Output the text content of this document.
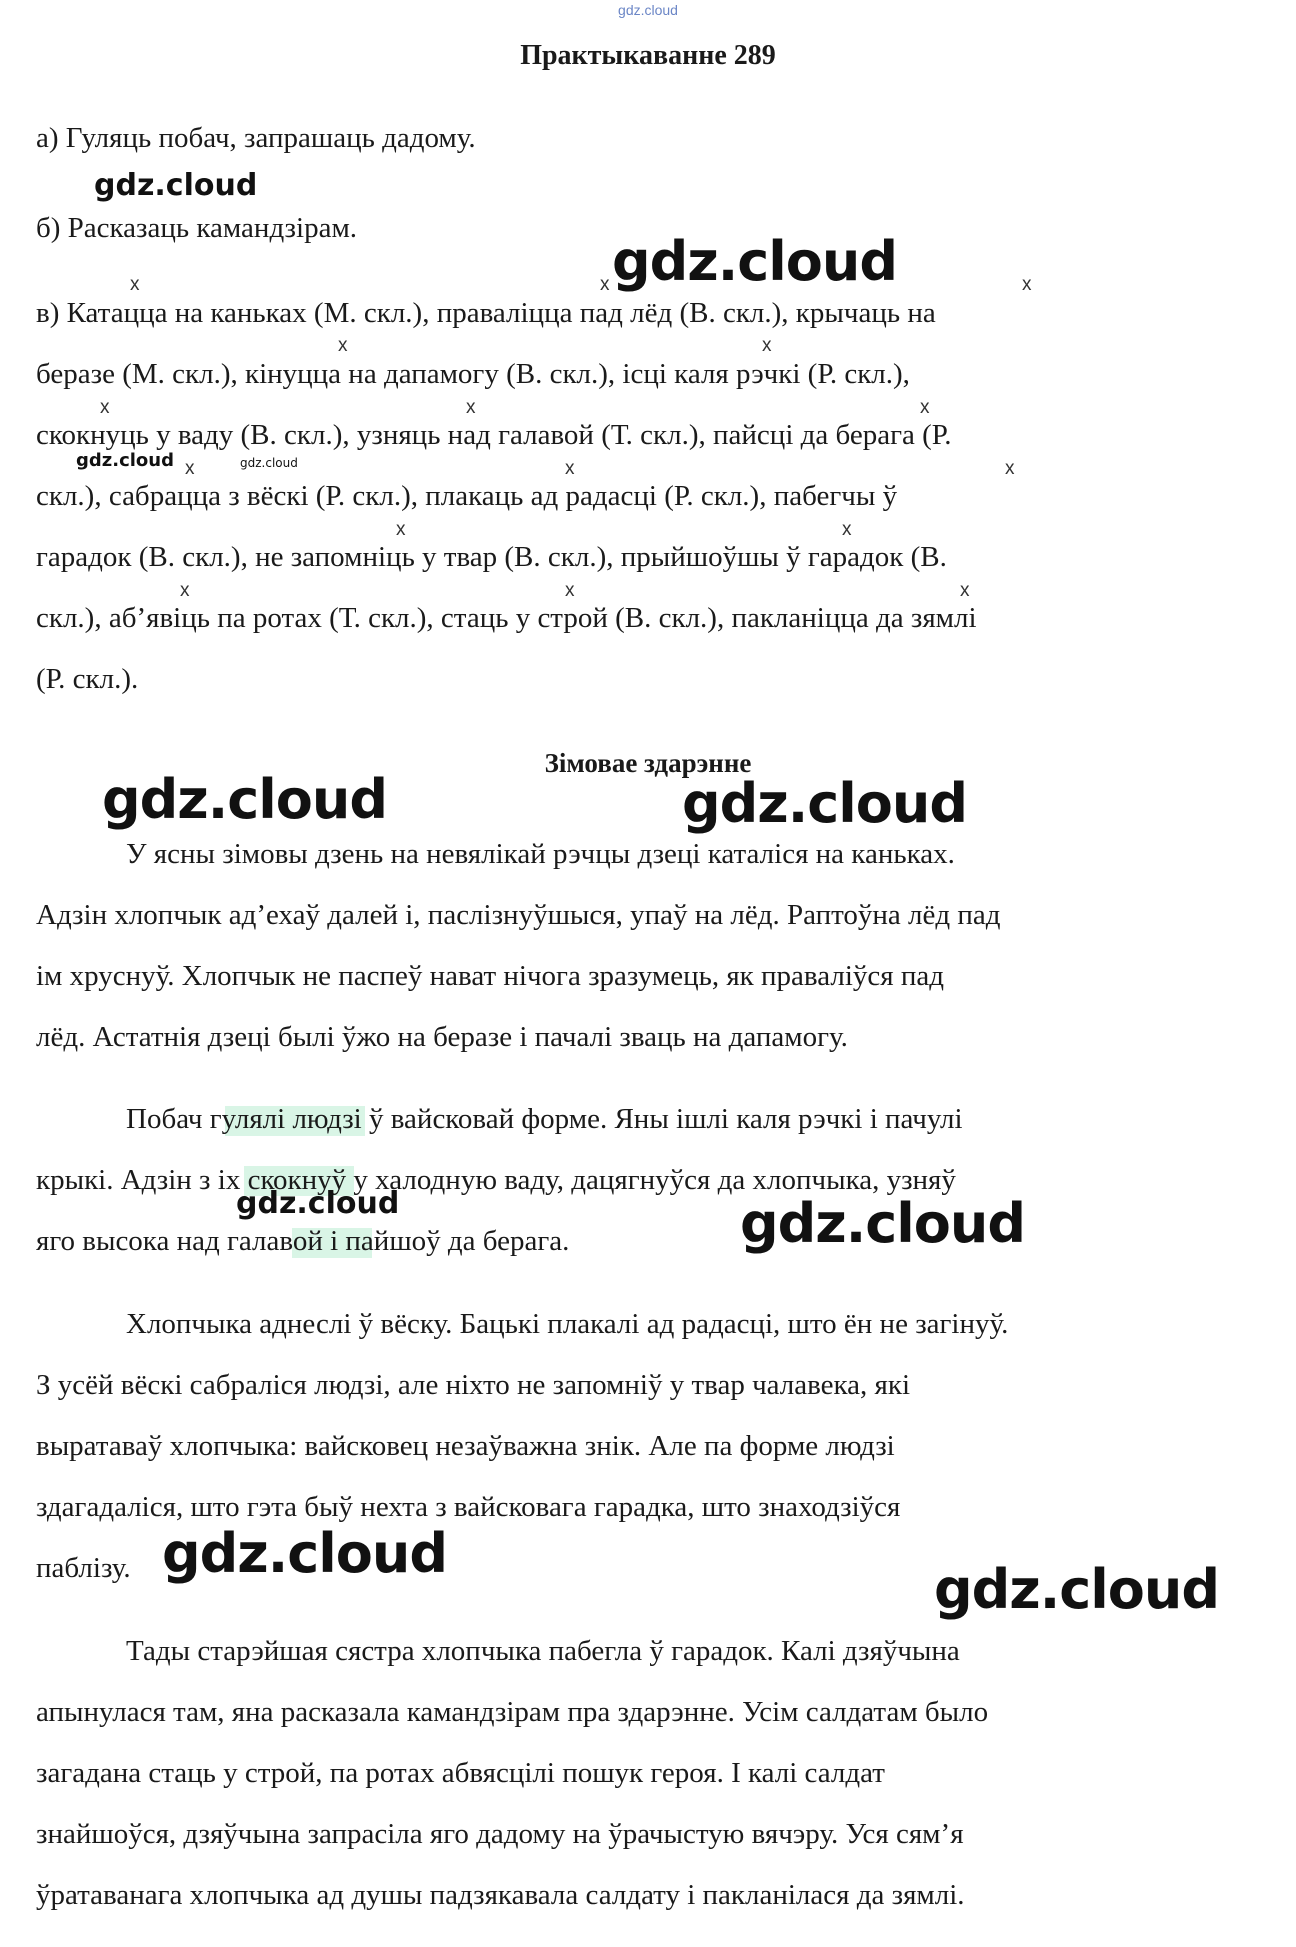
gdz.cloud
Практыкаванне 289
а) Гуляць побач, запрашаць дадому.
б) Расказаць камандзірам.
в) Катацца на каньках (М. скл.), праваліцца пад лёд (В. скл.), крычаць на
беразе (М. скл.), кінуцца на дапамогу (В. скл.), ісці каля рэчкі (Р. скл.),
скокнуць у ваду (В. скл.), узняць над галавой (Т. скл.), пайсці да берага (Р.
скл.), сабрацца з вёскі (Р. скл.), плакаць ад радасці (Р. скл.), пабегчы ў
гарадок (В. скл.), не запомніць у твар (В. скл.), прыйшоўшы ў гарадок (В.
скл.), аб’явіць па ротах (Т. скл.), стаць у строй (В. скл.), пакланіцца да зямлі
(Р. скл.).
x	x	x
x	x
x	x	x
x	x	x
x	x
x	x	x
Зімовае здарэнне
У ясны зімовы дзень на невялікай рэчцы дзеці каталіся на каньках.
Адзін хлопчык ад’ехаў далей і, паслізнуўшыся, упаў на лёд. Раптоўна лёд пад
ім хруснуў. Хлопчык не паспеў нават нічога зразумець, як праваліўся пад
лёд. Астатнія дзеці былі ўжо на беразе і пачалі зваць на дапамогу.
Побач гулялі людзі ў вайсковай форме. Яны ішлі каля рэчкі і пачулі
крыкі. Адзін з іх скокнуў у халодную ваду, дацягнуўся да хлопчыка, узняў
яго высока над галавой і пайшоў да берага.
Хлопчыка аднеслі ў вёску. Бацькі плакалі ад радасці, што ён не загінуў.
З усёй вёскі сабраліся людзі, але ніхто не запомніў у твар чалавека, які
выратаваў хлопчыка: вайсковец незаўважна знік. Але па форме людзі
здагадаліся, што гэта быў нехта з вайсковага гарадка, што знаходзіўся
паблізу.
Тады старэйшая сястра хлопчыка пабегла ў гарадок. Калі дзяўчына
апынулася там, яна расказала камандзірам пра здарэнне. Усім салдатам было
загадана стаць у строй, па ротах абвясцілі пошук героя. І калі салдат
знайшоўся, дзяўчына запрасіла яго дадому на ўрачыстую вячэру. Уся сям’я
ўратаванага хлопчыка ад душы падзякавала салдату і пакланілася да зямлі.
gdz.cloud
gdz.cloud
gdz.cloud	gdz.cloud
gdz.cloud	gdz.cloud
gdz.cloud	gdz.cloud
gdz.cloud
gdz.cloud
